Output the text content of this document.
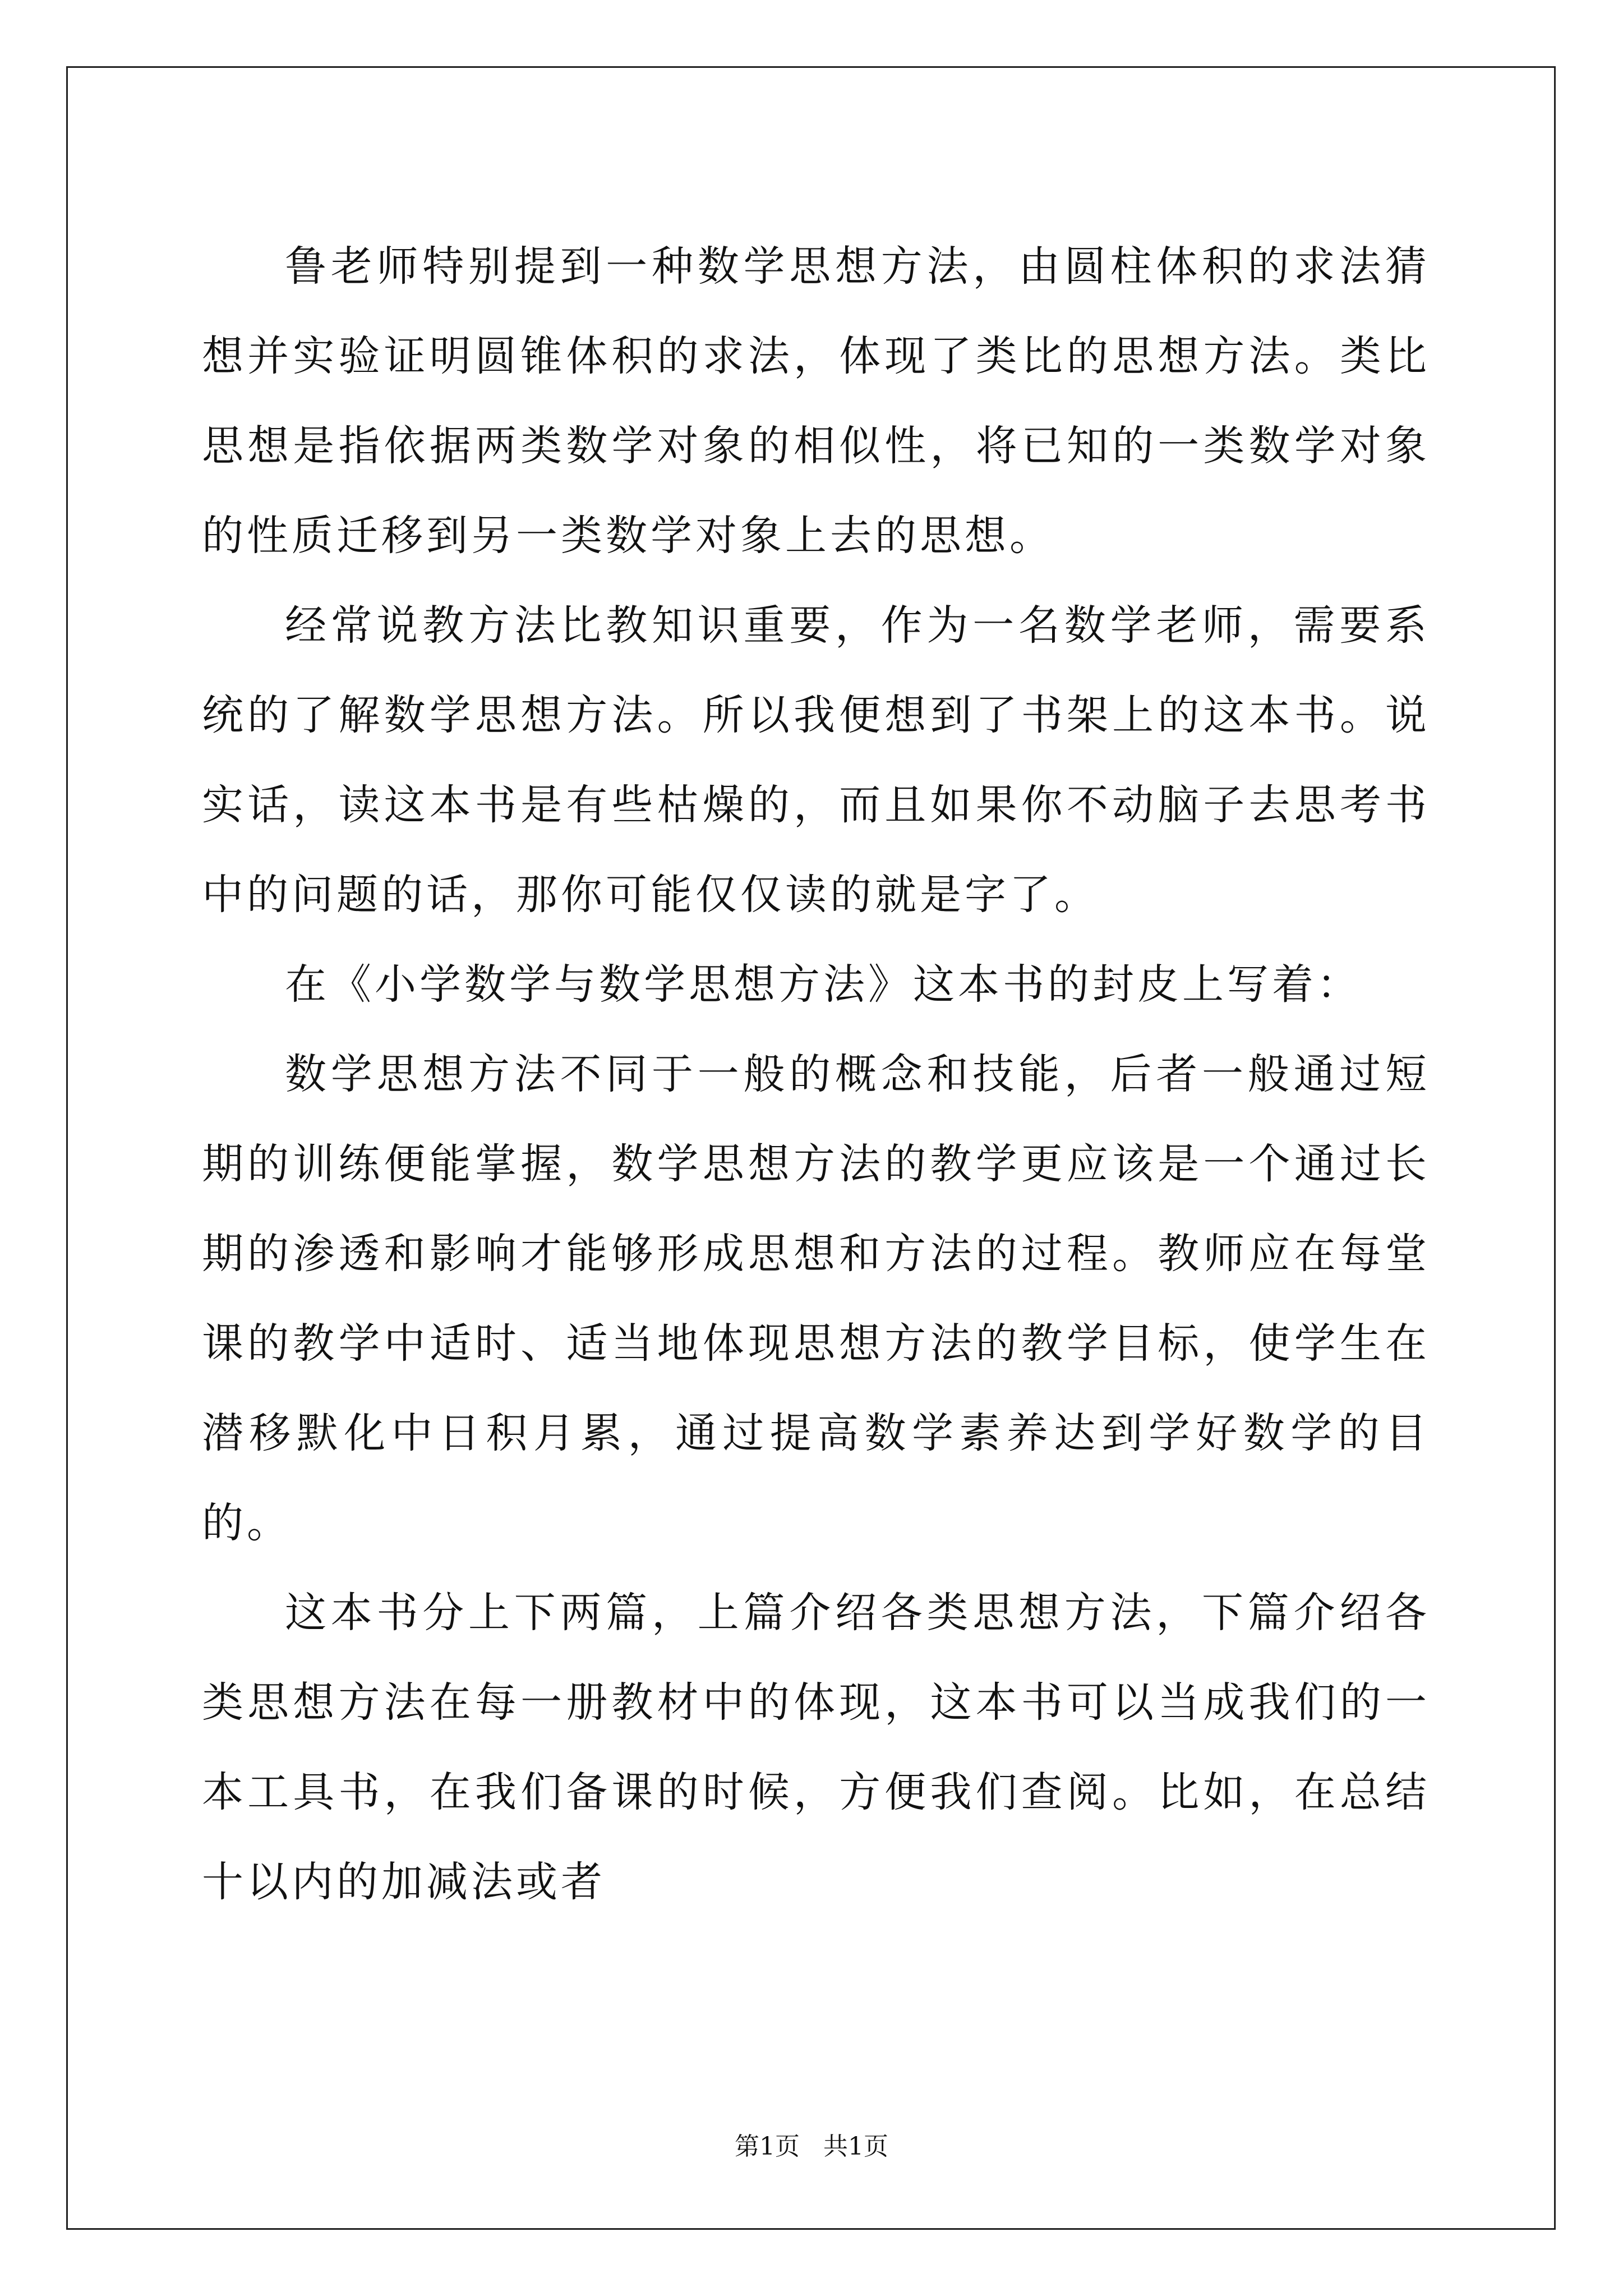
鲁老师特别提到一种数学思想方法，由圆柱体积的求法猜想并实验证明圆锥体积的求法，体现了类比的思想方法。类比思想是指依据两类数学对象的相似性，将已知的一类数学对象的性质迁移到另一类数学对象上去的思想。

经常说教方法比教知识重要，作为一名数学老师，需要系统的了解数学思想方法。所以我便想到了书架上的这本书。说实话，读这本书是有些枯燥的，而且如果你不动脑子去思考书中的问题的话，那你可能仅仅读的就是字了。

在《小学数学与数学思想方法》这本书的封皮上写着：

数学思想方法不同于一般的概念和技能，后者一般通过短期的训练便能掌握，数学思想方法的教学更应该是一个通过长期的渗透和影响才能够形成思想和方法的过程。教师应在每堂课的教学中适时、适当地体现思想方法的教学目标，使学生在潜移默化中日积月累，通过提高数学素养达到学好数学的目的。

这本书分上下两篇，上篇介绍各类思想方法，下篇介绍各类思想方法在每一册教材中的体现，这本书可以当成我们的一本工具书，在我们备课的时候，方便我们查阅。比如，在总结十以内的加减法或者

第1页   共1页
